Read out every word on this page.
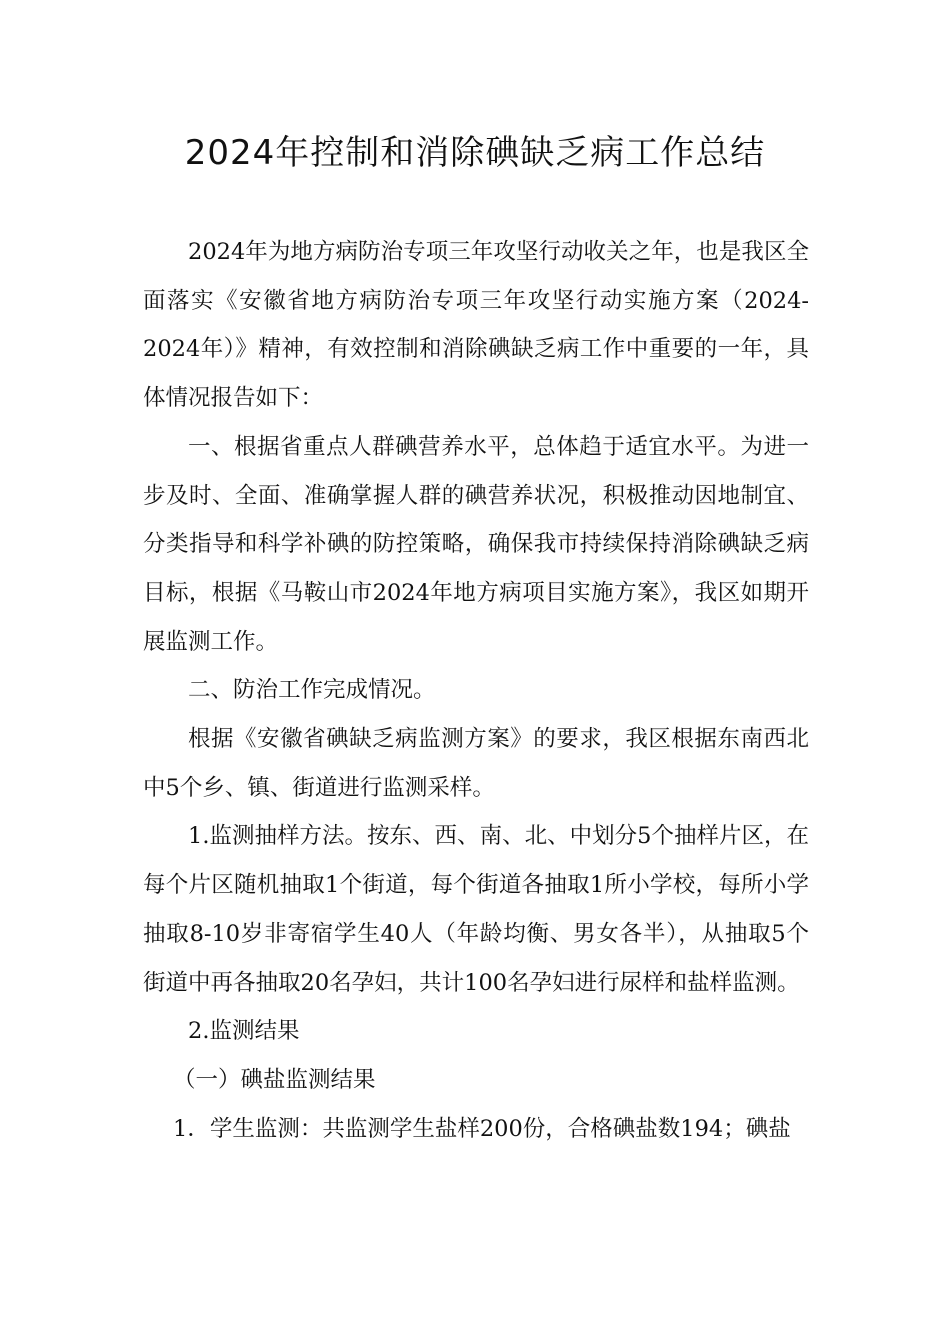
2024年控制和消除碘缺乏病工作总结

2024年为地方病防治专项三年攻坚行动收关之年，也是我区全面落实《安徽省地方病防治专项三年攻坚行动实施方案（2024-2024年）》精神，有效控制和消除碘缺乏病工作中重要的一年，具体情况报告如下：

一、根据省重点人群碘营养水平，总体趋于适宜水平。为进一步及时、全面、准确掌握人群的碘营养状况，积极推动因地制宜、分类指导和科学补碘的防控策略，确保我市持续保持消除碘缺乏病目标，根据《马鞍山市2024年地方病项目实施方案》，我区如期开展监测工作。

二、防治工作完成情况。

根据《安徽省碘缺乏病监测方案》的要求，我区根据东南西北中5个乡、镇、街道进行监测采样。

1.监测抽样方法。按东、西、南、北、中划分5个抽样片区，在每个片区随机抽取1个街道，每个街道各抽取1所小学校，每所小学抽取8-10岁非寄宿学生40人（年龄均衡、男女各半），从抽取5个街道中再各抽取20名孕妇，共计100名孕妇进行尿样和盐样监测。

2.监测结果

（一）碘盐监测结果

1．学生监测：共监测学生盐样200份，合格碘盐数194；碘盐
